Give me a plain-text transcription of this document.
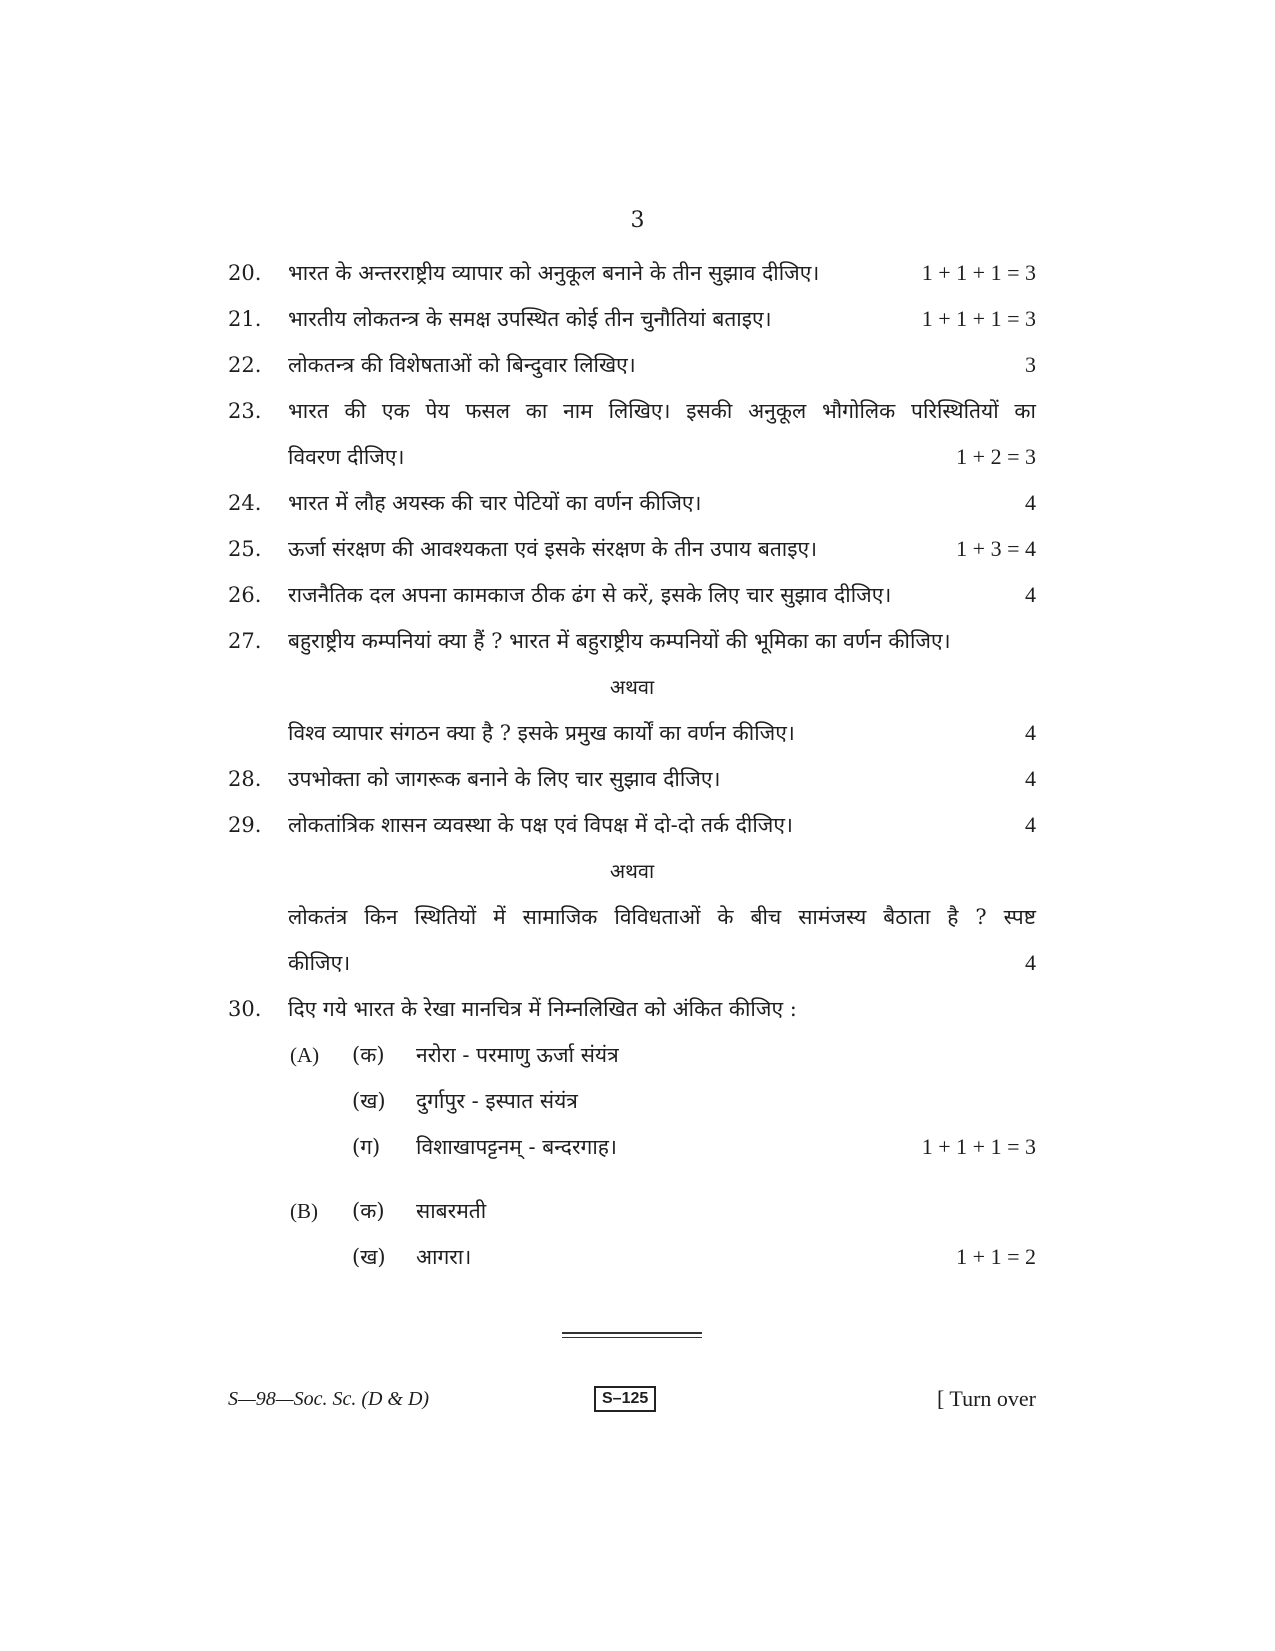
3
20.	भारत के अन्तरराष्ट्रीय व्यापार को अनुकूल बनाने के तीन सुझाव दीजिए।	1 + 1 + 1 = 3
21.	भारतीय लोकतन्त्र के समक्ष उपस्थित कोई तीन चुनौतियां बताइए।	1 + 1 + 1 = 3
22.	लोकतन्त्र की विशेषताओं को बिन्दुवार लिखिए।	3
23.	भारत की एक पेय फसल का नाम लिखिए। इसकी अनुकूल भौगोलिक परिस्थितियों का
विवरण दीजिए।	1 + 2 = 3
24.	भारत में लौह अयस्क की चार पेटियों का वर्णन कीजिए।	4
25.	ऊर्जा संरक्षण की आवश्यकता एवं इसके संरक्षण के तीन उपाय बताइए।	1 + 3 = 4
26.	राजनैतिक दल अपना कामकाज ठीक ढंग से करें, इसके लिए चार सुझाव दीजिए।	4
27.	बहुराष्ट्रीय कम्पनियां क्या हैं ? भारत में बहुराष्ट्रीय कम्पनियों की भूमिका का वर्णन कीजिए।
अथवा
विश्व व्यापार संगठन क्या है ? इसके प्रमुख कार्यों का वर्णन कीजिए।	4
28.	उपभोक्ता को जागरूक बनाने के लिए चार सुझाव दीजिए।	4
29.	लोकतांत्रिक शासन व्यवस्था के पक्ष एवं विपक्ष में दो-दो तर्क दीजिए।	4
अथवा
लोकतंत्र किन स्थितियों में सामाजिक विविधताओं के बीच सामंजस्य बैठाता है ? स्पष्ट
कीजिए।	4
30.	दिए गये भारत के रेखा मानचित्र में निम्नलिखित को अंकित कीजिए :
(A) (क) नरोरा - परमाणु ऊर्जा संयंत्र
(ख) दुर्गापुर - इस्पात संयंत्र
(ग) विशाखापट्टनम् - बन्दरगाह।	1 + 1 + 1 = 3
(B) (क) साबरमती
(ख) आगरा।	1 + 1 = 2
S—98—Soc. Sc. (D & D)	S–125	[ Turn over
